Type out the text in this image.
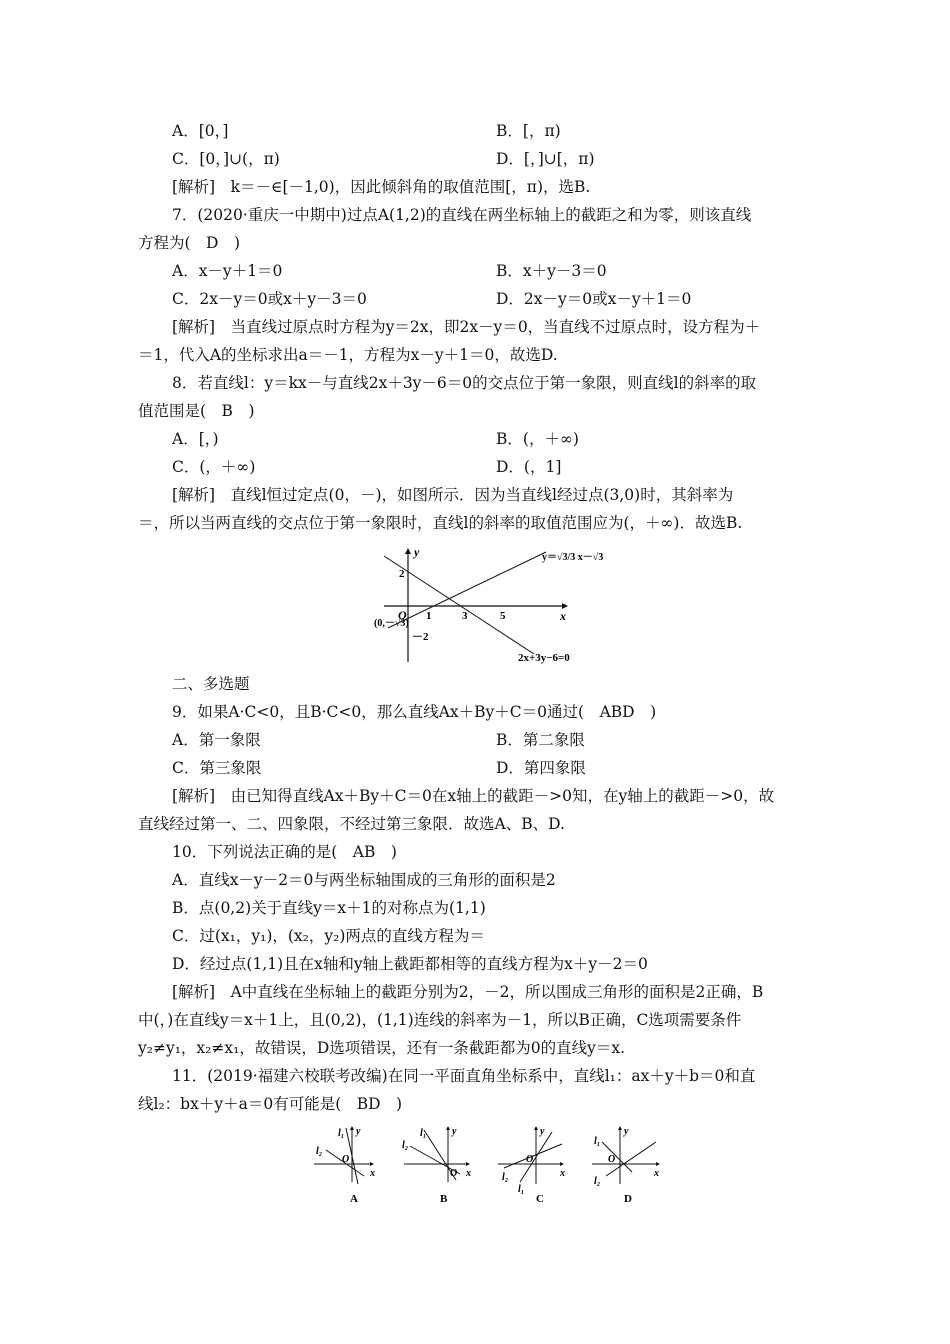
A．[0，]	B．[，π)
C．[0，]∪(，π)	D．[，]∪[，π)
[解析]　k＝－∈[－1,0)，因此倾斜角的取值范围[，π)，选B.
7．(2020·重庆一中期中)过点A(1,2)的直线在两坐标轴上的截距之和为零，则该直线
方程为(　D　)
A．x－y＋1＝0	B．x＋y－3＝0
C．2x－y＝0或x＋y－3＝0	D．2x－y＝0或x－y＋1＝0
[解析]　当直线过原点时方程为y＝2x，即2x－y＝0，当直线不过原点时，设方程为＋
＝1，代入A的坐标求出a＝－1，方程为x－y＋1＝0，故选D.
8．若直线l：y＝kx－与直线2x＋3y－6＝0的交点位于第一象限，则直线l的斜率的取
值范围是(　B　)
A．[，)	B．(，＋∞)
C．(，＋∞)	D．(，1]
[解析]　直线l恒过定点(0，－)，如图所示．因为当直线l经过点(3,0)时，其斜率为
＝，所以当两直线的交点位于第一象限时，直线l的斜率的取值范围应为(，＋∞)．故选B.
y
x
O 1	3	5
2
－2
(0,－√3)
y＝√3/3 x－√3
2x+3y−6=0
二、多选题
9．如果A·C<0，且B·C<0，那么直线Ax＋By＋C＝0通过(　ABD　)
A．第一象限	B．第二象限
C．第三象限	D．第四象限
[解析]　由已知得直线Ax＋By＋C＝0在x轴上的截距－>0知，在y轴上的截距－>0，故
直线经过第一、二、四象限，不经过第三象限．故选A、B、D.
10．下列说法正确的是(　AB　)
A．直线x－y－2＝0与两坐标轴围成的三角形的面积是2
B．点(0,2)关于直线y＝x＋1的对称点为(1,1)
C．过(x₁，y₁)，(x₂，y₂)两点的直线方程为＝
D．经过点(1,1)且在x轴和y轴上截距都相等的直线方程为x＋y－2＝0
[解析]　A中直线在坐标轴上的截距分别为2，－2，所以围成三角形的面积是2正确，B
中(，)在直线y＝x＋1上，且(0,2)，(1,1)连线的斜率为－1，所以B正确，C选项需要条件
y₂≠y₁，x₂≠x₁，故错误，D选项错误，还有一条截距都为0的直线y＝x.
11．(2019·福建六校联考改编)在同一平面直角坐标系中，直线l₁：ax＋y＋b＝0和直
线l₂：bx＋y＋a＝0有可能是(　BD　)
l₁
l₂
y
x
O
A
l₁
l₂
y
x
O
B
l₂
l₁
y
x
O
C
l₁
l₂
y
x
O
D
